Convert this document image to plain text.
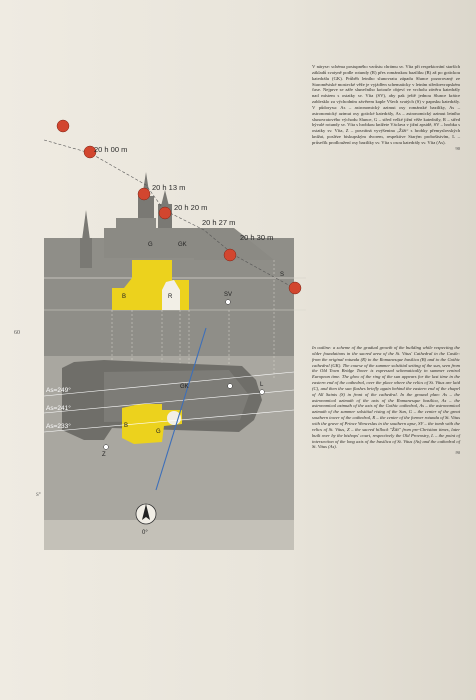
60
20 h 00 m
20 h 13 m
20 h 20 m
20 h 27 m
20 h 30 m
G	GK
S
B	R	SV
GK	L
Z
B
G
As=249°
As=241°
As=233°
0°
S°

V náryse: schéma postupného vzrůstu chrámu sv. Víta při respektování starších základů svatyně podle rotundy (R) přes románskou baziliku (B) až po gotickou katedrálu (GK). Průběh letního slunovratu západu Slunce pozorovaný ze Staroměstské mostecké věže je vyjádřen schematicky v letním středoevropském čase. Nejprve se záře slunečního kotouče objeví ve vrcholu závěru katedrály nad místem s ostatky sv. Víta (SV), aby pak ještě jednou Slunce krátce zablesklo za východním závěrem kaple Všech svatých (S) v paprsku katedrály. V půdorysu: As – astronomický azimut osy románské baziliky, As – astronomický azimut osy gotické katedrály, As – astronomický azimut letního slunovratového východu Slunce, G – střed velké jižní věže katedrály, R – střed bývalé rotundy sv. Víta s hrobkou knížete Václava v jižní apsidě, SV – hrobka s ostatky sv. Víta, Z – posvátná vyvýšenina „Žiži“ s hrobky přemyslovských knížat, posléze biskupským dvorem, respektive Starým proboštstvím, L – průsečík prodloužení osy baziliky sv. Víta s osou katedrály sv. Víta (As).

90

In outline: a scheme of the gradual growth of the building while respecting the older foundations in the sacred area of the St. Vitus' Cathedral in the Castle: from the original rotunda (R) to the Romanesque basilica (B) and to the Gothic cathedral (GK). The course of the summer solstitial setting of the sun, seen from the Old Town Bridge Tower is expressed schematically in summer central European time. The glow of the ring of the sun appears for the last time in the eastern end of the cathedral, over the place where the relics of St. Vitus are laid (C), and then the sun flashes briefly again behind the eastern end of the chapel of All Saints (S) in front of the cathedral. In the ground plan: As – the astronomical azimuth of the axis of the Romanesque basilica, As – the astronomical azimuth of the axis of the Gothic cathedral, As – the astronomical azimuth of the summer solstitial rising of the Sun, G – the center of the great southern tower of the cathedral, R – the center of the former rotunda of St. Vitus with the grave of Prince Wenceslas in the southern apse, SV – the tomb with the relics of St. Vitus, Z – the sacred hillock "Žiži" from pre-Christian times, later built over by the bishops' court, respectively the Old Provostry, L – the point of intersection of the long axis of the basilica of St. Vitus (As) and the cathedral of St. Vitus (As).

90
